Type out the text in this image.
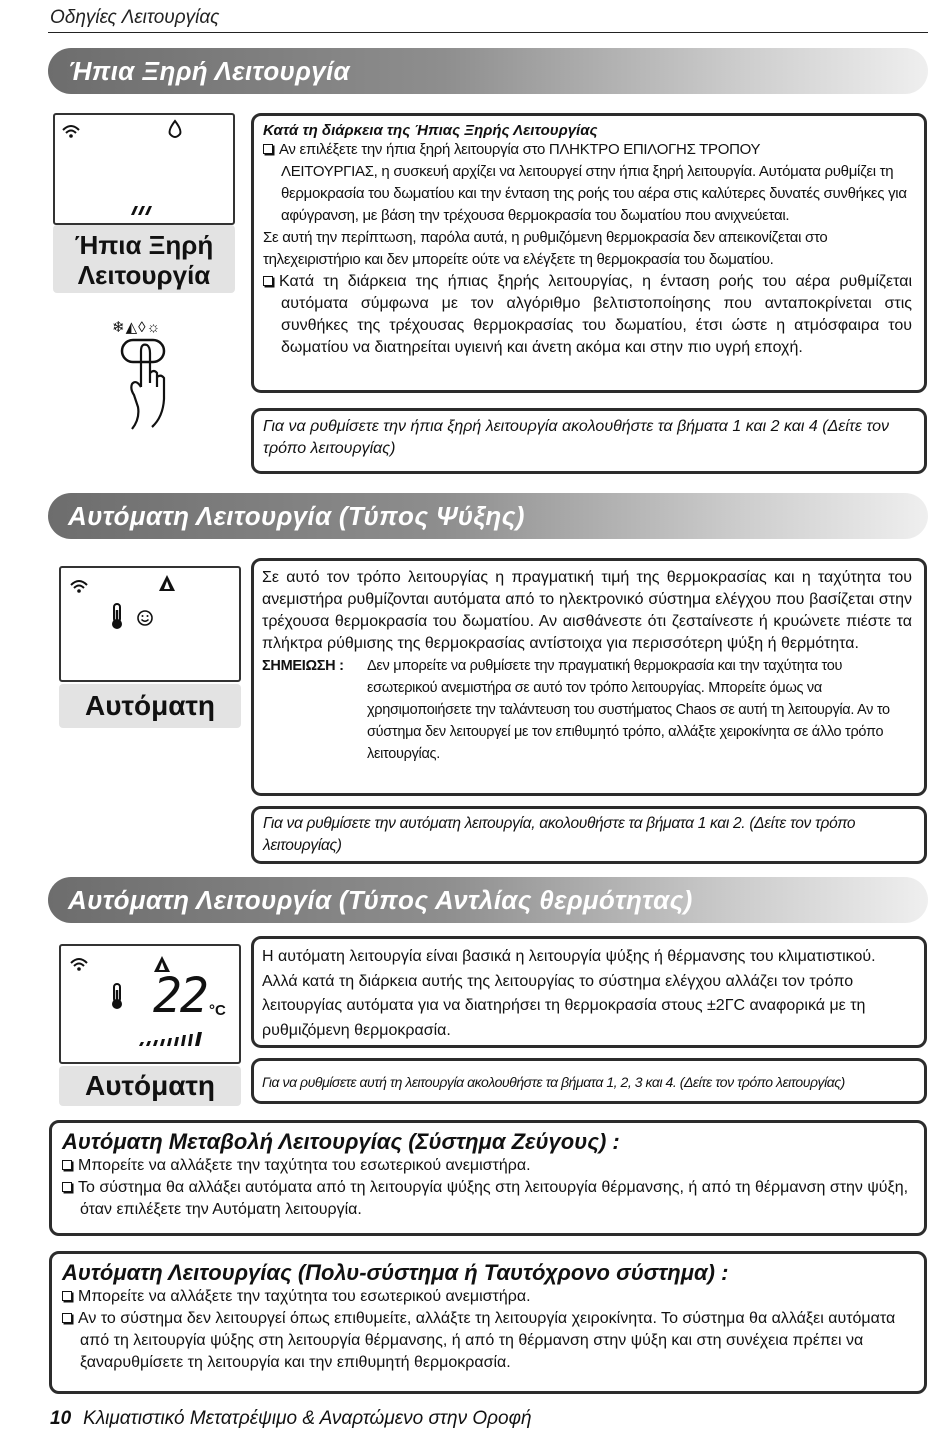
Οδηγίες Λειτουργίας
Ήπια Ξηρή Λειτουργία
Ήπια Ξηρή
Λειτουργία
❄◭◊☼
Κατά τη διάρκεια της Ήπιας Ξηρής Λειτουργίας
Αν επιλέξετε την ήπια ξηρή λειτουργία στο ΠΛΗΚΤΡΟ ΕΠΙΛΟΓΗΣ ΤΡΟΠΟΥ
ΛΕΙΤΟΥΡΓΙΑΣ, η συσκευή αρχίζει να λειτουργεί στην ήπια ξηρή λειτουργία. Αυτόματα ρυθμίζει τη θερμοκρασία του δωματίου και την ένταση της ροής του αέρα στις καλύτερες δυνατές συνθήκες για αφύγρανση, με βάση την τρέχουσα θερμοκρασία του δωματίου που ανιχνεύεται.
Σε αυτή την περίπτωση, παρόλα αυτά, η ρυθμιζόμενη θερμοκρασία δεν απεικονίζεται στο τηλεχειριστήριο και δεν μπορείτε ούτε να ελέγξετε τη θερμοκρασία του δωματίου.
Κατά τη διάρκεια της ήπιας ξηρής λειτουργίας, η ένταση ροής του αέρα ρυθμίζεται αυτόματα σύμφωνα με τον αλγόριθμο βελτιστοποίησης που ανταποκρίνεται στις συνθήκες της τρέχουσας θερμοκρασίας του δωματίου, έτσι ώστε η ατμόσφαιρα του δωματίου να διατηρείται υγιεινή και άνετη ακόμα και στην πιο υγρή εποχή.
Για να ρυθμίσετε την ήπια ξηρή λειτουργία ακολουθήστε τα βήματα 1 και 2 και 4 (Δείτε τον τρόπο λειτουργίας)
Αυτόματη Λειτουργία (Τύπος Ψύξης)
Αυτόματη
Σε αυτό τον τρόπο λειτουργίας η πραγματική τιμή της θερμοκρασίας και η ταχύτητα του ανεμιστήρα ρυθμίζονται αυτόματα από το ηλεκτρονικό σύστημα ελέγχου που βασίζεται στην τρέχουσα θερμοκρασία του δωματίου. Αν αισθάνεστε ότι ζεσταίνεστε ή κρυώνετε πιέστε τα πλήκτρα ρύθμισης της θερμοκρασίας αντίστοιχα για περισσότερη ψύξη ή θερμότητα.
ΣΗΜΕΙΩΣΗ :	Δεν μπορείτε να ρυθμίσετε την πραγματική θερμοκρασία και την ταχύτητα του εσωτερικού ανεμιστήρα σε αυτό τον τρόπο λειτουργίας. Μπορείτε όμως να χρησιμοποιήσετε την ταλάντευση του συστήματος Chaos σε αυτή τη λειτουργία. Αν το σύστημα δεν λειτουργεί με τον επιθυμητό τρόπο, αλλάξτε χειροκίνητα σε άλλο τρόπο λειτουργίας.
Για να ρυθμίσετε την αυτόματη λειτουργία, ακολουθήστε τα βήματα 1 και 2. (Δείτε τον τρόπο λειτουργίας)
Αυτόματη Λειτουργία (Τύπος Αντλίας θερμότητας)
22 °C
Αυτόματη
Η αυτόματη λειτουργία είναι βασικά η λειτουργία ψύξης ή θέρμανσης του κλιματιστικού. Αλλά κατά τη διάρκεια αυτής της λειτουργίας το σύστημα ελέγχου αλλάζει τον τρόπο λειτουργίας αυτόματα για να διατηρήσει τη θερμοκρασία στους ±2ΓC αναφορικά με τη ρυθμιζόμενη θερμοκρασία.
Για να ρυθμίσετε αυτή τη λειτουργία ακολουθήστε τα βήματα 1, 2, 3 και 4. (Δείτε τον τρόπο λειτουργίας)
Αυτόματη Μεταβολή Λειτουργίας (Σύστημα Ζεύγους) :
Μπορείτε να αλλάξετε την ταχύτητα του εσωτερικού ανεμιστήρα.
Το σύστημα θα αλλάξει αυτόματα από τη λειτουργία ψύξης στη λειτουργία θέρμανσης, ή από τη θέρμανση στην ψύξη, όταν επιλέξετε την Αυτόματη λειτουργία.
Αυτόματη Λειτουργίας (Πολυ-σύστημα ή Ταυτόχρονο σύστημα) :
Μπορείτε να αλλάξετε την ταχύτητα του εσωτερικού ανεμιστήρα.
Αν το σύστημα δεν λειτουργεί όπως επιθυμείτε, αλλάξτε τη λειτουργία χειροκίνητα. Το σύστημα θα αλλάξει αυτόματα από τη λειτουργία ψύξης στη λειτουργία θέρμανσης, ή από τη θέρμανση στην ψύξη και στη συνέχεια πρέπει να ξαναρυθμίσετε τη λειτουργία και την επιθυμητή θερμοκρασία.
10 Κλιματιστικό Μετατρέψιμο & Αναρτώμενο στην Οροφή
